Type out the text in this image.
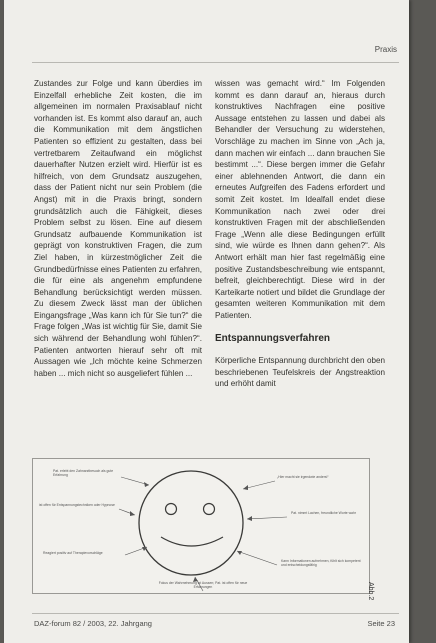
Praxis

Zustandes zur Folge und kann überdies im Einzelfall erhebliche Zeit kosten, die im allgemeinen im normalen Praxisablauf nicht vorhanden ist. Es kommt also darauf an, auch die Kommunikation mit dem ängstlichen Patienten so effizient zu gestalten, dass bei vertretbarem Zeitaufwand ein möglichst dauerhafter Nutzen erzielt wird. Hierfür ist es hilfreich, von dem Grundsatz auszugehen, dass der Patient nicht nur sein Problem (die Angst) mit in die Praxis bringt, sondern grundsätzlich auch die Fähigkeit, dieses Problem selbst zu lösen. Eine auf diesem Grundsatz aufbauende Kommunikation ist geprägt von konstruktiven Fragen, die zum Ziel haben, in kürzestmöglicher Zeit die Grundbedürfnisse eines Patienten zu erfahren, die für eine als angenehm empfundene Behandlung berücksichtigt werden müssen. Zu diesem Zweck lässt man der üblichen Eingangsfrage „Was kann ich für Sie tun?“ die Frage folgen „Was ist wichtig für Sie, damit Sie sich während der Behandlung wohl fühlen?“. Patienten antworten hierauf sehr oft mit Aussagen wie „Ich möchte keine Schmerzen haben ... mich nicht so ausgeliefert fühlen ...

wissen was gemacht wird.“ Im Folgenden kommt es dann darauf an, hieraus durch konstruktives Nachfragen eine positive Aussage entstehen zu lassen und dabei als Behandler der Versuchung zu widerstehen, Vorschläge zu machen im Sinne von „Ach ja, dann machen wir einfach ... dann brauchen Sie bestimmt ...“. Diese bergen immer die Gefahr einer ablehnenden Antwort, die dann ein erneutes Aufgreifen des Fadens erfordert und somit Zeit kostet. Im Idealfall endet diese Kommunikation nach zwei oder drei konstruktiven Fragen mit der abschließenden Frage „Wenn alle diese Bedingungen erfüllt sind, wie würde es Ihnen dann gehen?“. Als Antwort erhält man hier fast regelmäßig eine positive Zustandsbeschreibung wie entspannt, befreit, gleichberechtigt. Diese wird in der Karteikarte notiert und bildet die Grundlage der gesamten weiteren Kommunikation mit dem Patienten.

Entspannungsverfahren

Körperliche Entspannung durchbricht den oben beschriebenen Teufelskreis der Angstreaktion und erhöht damit

Pat. erlebt den Zahnarztbesuch als gute Erfahrung	„Hier macht sie irgendwie anders!“
ist offen für Entspannungstechniken oder Hypnose
Pat. nimmt Lachen, freundliche Worte wahr
Kann Informationen aufnehmen, fühlt sich kompetent und entscheidungsfähig
Reagiert positiv auf Therapievorschläge
Fokus der Wahrnehmung ist Aussen; Pat. ist offen für neue Erfahrungen	Abb.2
DAZ-forum 82 / 2003, 22. Jahrgang	Seite 23
